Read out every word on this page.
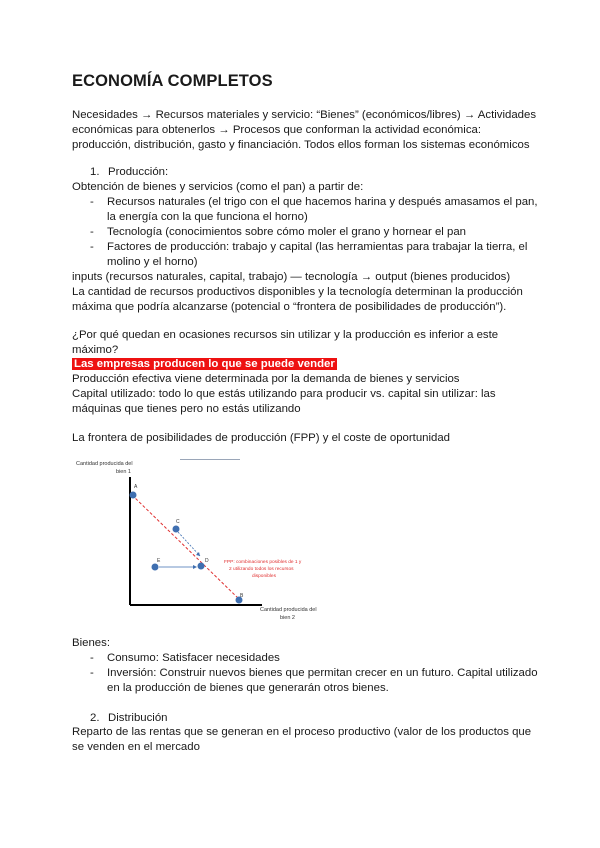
ECONOMÍA COMPLETOS

Necesidades → Recursos materiales y servicio: “Bienes” (económicos/libres) → Actividades económicas para obtenerlos → Procesos que conforman la actividad económica: producción, distribución, gasto y financiación. Todos ellos forman los sistemas económicos

1. Producción:

Obtención de bienes y servicios (como el pan) a partir de:

- Recursos naturales (el trigo con el que hacemos harina y después amasamos el pan, la energía con la que funciona el horno)
- Tecnología (conocimientos sobre cómo moler el grano y hornear el pan
- Factores de producción: trabajo y capital (las herramientas para trabajar la tierra, el molino y el horno)

inputs (recursos naturales, capital, trabajo) — tecnología → output (bienes producidos)

La cantidad de recursos productivos disponibles y la tecnología determinan la producción máxima que podría alcanzarse (potencial o “frontera de posibilidades de producción”).

¿Por qué quedan en ocasiones recursos sin utilizar y la producción es inferior a este máximo?

Las empresas producen lo que se puede vender

Producción efectiva viene determinada por la demanda de bienes y servicios

Capital utilizado: todo lo que estás utilizando para producir vs. capital sin utilizar: las máquinas que tienes pero no estás utilizando

La frontera de posibilidades de producción (FPP) y el coste de oportunidad

Cantidad producida del
bien 1
A
C
E	D
B
FPP: combinaciones posibles de 1 y
2 utilizando todos los recursos
disponibles
Cantidad producida del
bien 2

Bienes:

- Consumo: Satisfacer necesidades
- Inversión: Construir nuevos bienes que permitan crecer en un futuro. Capital utilizado en la producción de bienes que generarán otros bienes.
2. Distribución

Reparto de las rentas que se generan en el proceso productivo (valor de los productos que se venden en el mercado
